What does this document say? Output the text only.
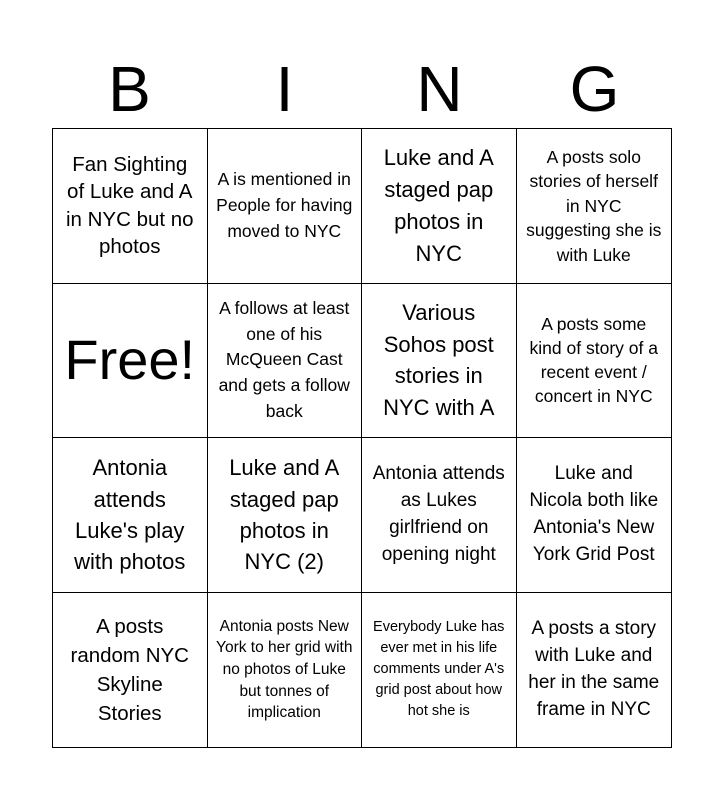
B	I	N	G
Fan Sighting of Luke and A in NYC but no photos
A is mentioned in People for having moved to NYC
Luke and A staged pap photos in NYC
A posts solo stories of herself in NYC suggesting she is with Luke
Free!
A follows at least one of his McQueen Cast and gets a follow back
Various Sohos post stories in NYC with A
A posts some kind of story of a recent event / concert in NYC
Antonia attends Luke's play with photos
Luke and A staged pap photos in NYC (2)
Antonia attends as Lukes girlfriend on opening night
Luke and Nicola both like Antonia's New York Grid Post
A posts random NYC Skyline Stories
Antonia posts New York to her grid with no photos of Luke but tonnes of implication
Everybody Luke has ever met in his life comments under A's grid post about how hot she is
A posts a story with Luke and her in the same frame in NYC
